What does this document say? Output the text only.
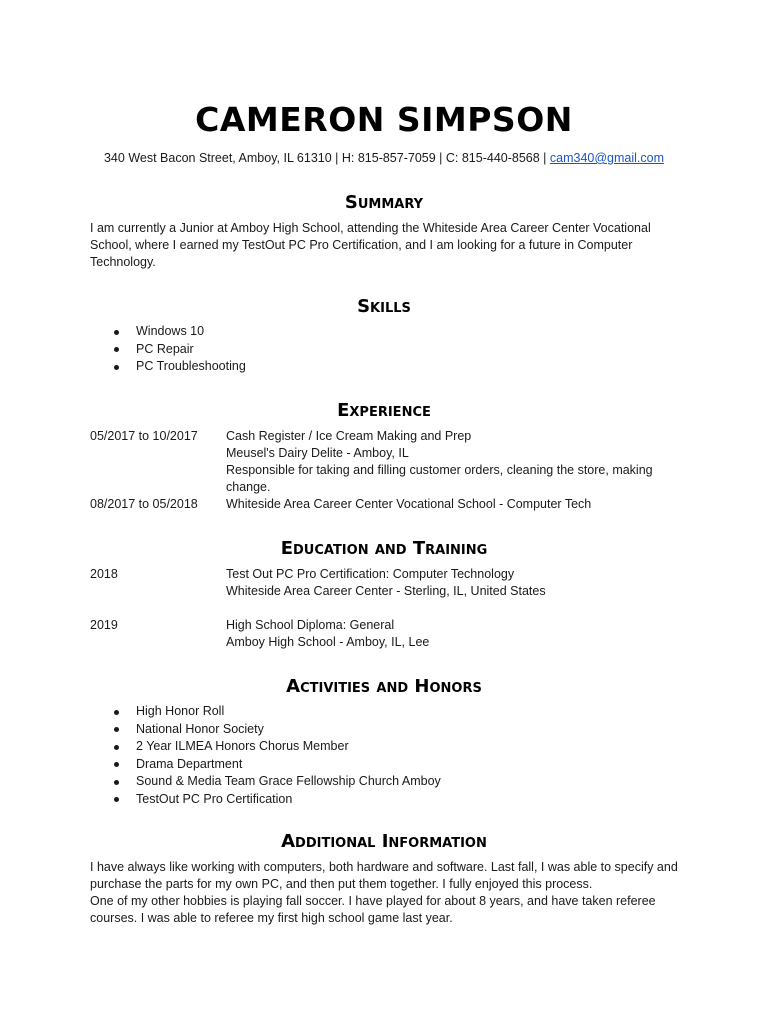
CAMERON SIMPSON
340 West Bacon Street, Amboy, IL 61310 | H: 815-857-7059 | C: 815-440-8568 | cam340@gmail.com
Summary
I am currently a Junior at Amboy High School, attending the Whiteside Area Career Center Vocational School, where I earned my TestOut PC Pro Certification, and I am looking for a future in Computer Technology.
Skills
Windows 10
PC Repair
PC Troubleshooting
Experience
05/2017 to 10/2017	Cash Register / Ice Cream Making and Prep
Meusel's Dairy Delite - Amboy, IL
Responsible for taking and filling customer orders, cleaning the store, making change.
08/2017 to 05/2018	Whiteside Area Career Center Vocational School - Computer Tech
Education and Training
2018	Test Out PC Pro Certification: Computer Technology
Whiteside Area Career Center - Sterling, IL, United States
2019	High School Diploma: General
Amboy High School - Amboy, IL, Lee
Activities and Honors
High Honor Roll
National Honor Society
2 Year ILMEA Honors Chorus Member
Drama Department
Sound & Media Team Grace Fellowship Church Amboy
TestOut PC Pro Certification
Additional Information
I have always like working with computers, both hardware and software. Last fall, I was able to specify and purchase the parts for my own PC, and then put them together. I fully enjoyed this process.
One of my other hobbies is playing fall soccer. I have played for about 8 years, and have taken referee courses. I was able to referee my first high school game last year.
